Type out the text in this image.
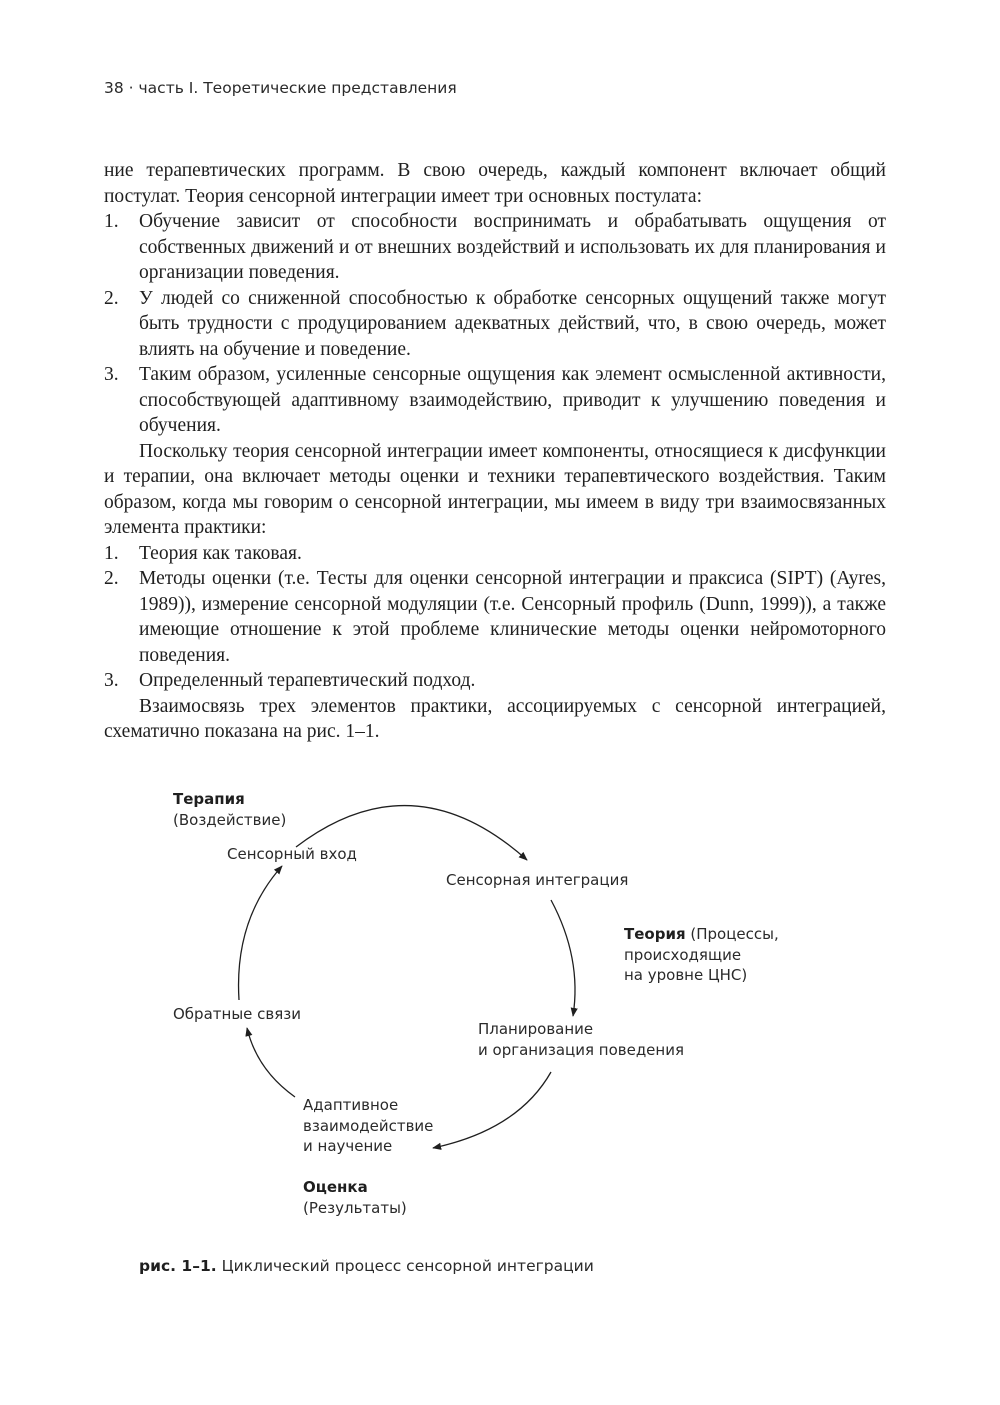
38 · часть I. Теоретические представления

ние терапевтических программ. В свою очередь, каждый компонент включает общий постулат. Теория сенсорной интеграции имеет три основных постулата:

1. Обучение зависит от способности воспринимать и обрабатывать ощущения от собственных движений и от внешних воздействий и использовать их для планирования и организации поведения.
2. У людей со сниженной способностью к обработке сенсорных ощущений также могут быть трудности с продуцированием адекватных действий, что, в свою очередь, может влиять на обучение и поведение.
3. Таким образом, усиленные сенсорные ощущения как элемент осмысленной активности, способствующей адаптивному взаимодействию, приводит к улучшению поведения и обучения.

Поскольку теория сенсорной интеграции имеет компоненты, относящиеся к дисфункции и терапии, она включает методы оценки и техники терапевтического воздействия. Таким образом, когда мы говорим о сенсорной интеграции, мы имеем в виду три взаимосвязанных элемента практики:

1. Теория как таковая.
2. Методы оценки (т.е. Тесты для оценки сенсорной интеграции и праксиса (SIPT) (Ayres, 1989)), измерение сенсорной модуляции (т.е. Сенсорный профиль (Dunn, 1999)), а также имеющие отношение к этой проблеме клинические методы оценки нейромоторного поведения.
3. Определенный терапевтический подход.

Взаимосвязь трех элементов практики, ассоциируемых с сенсорной интеграцией, схематично показана на рис. 1–1.

Терапия
(Воздействие)
Сенсорный вход
Сенсорная интеграция
Теория (Процессы,
происходящие
на уровне ЦНС)
Планирование
и организация поведения
Обратные связи
Адаптивное
взаимодействие
и научение
Оценка
(Результаты)
рис. 1–1. Циклический процесс сенсорной интеграции
